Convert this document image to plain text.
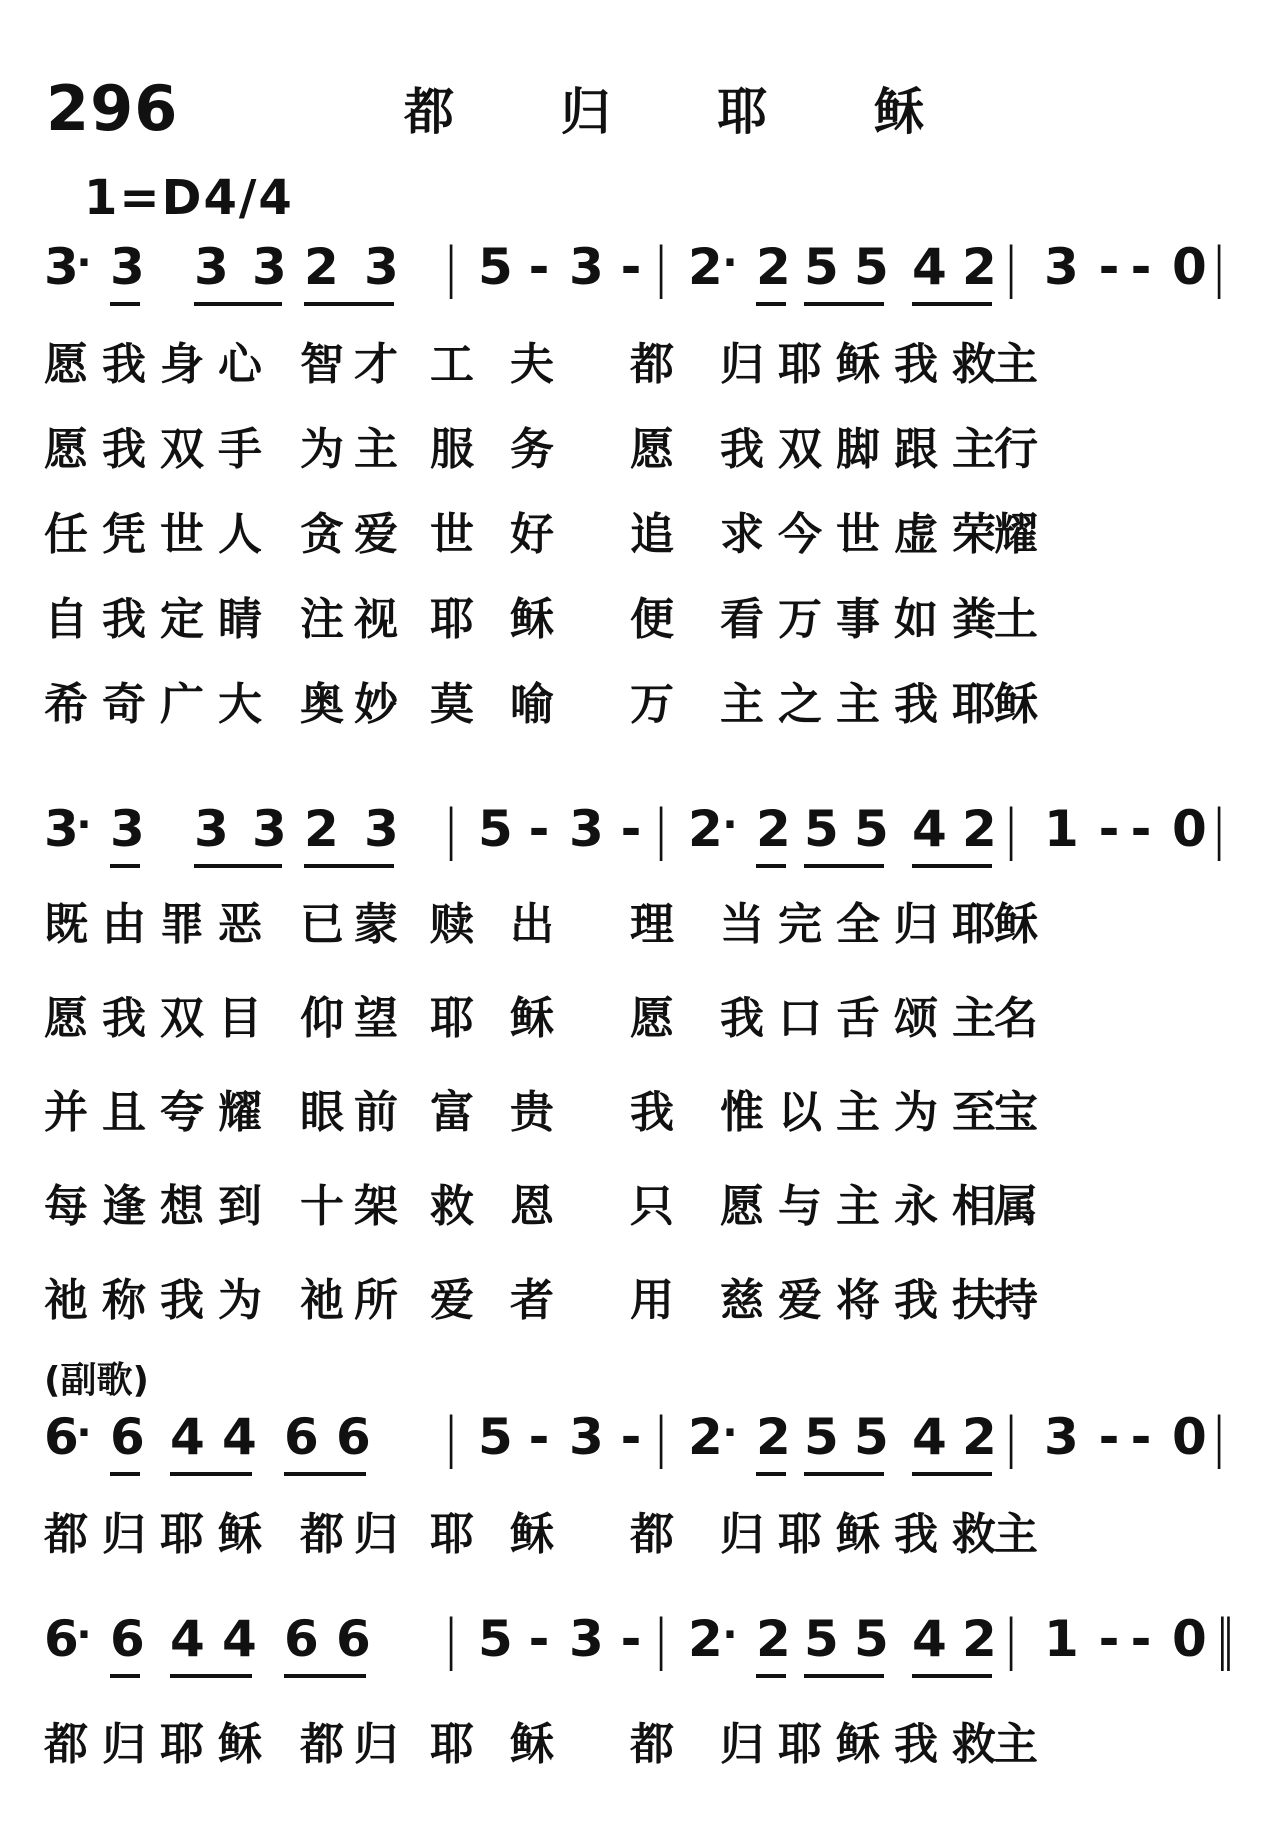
296	都 归 耶 稣
1=D4/4
3
· 3 3 3 2 3 | 5 - 3 - | 2 · 2 5 5 4 2 | 3 - - 0 |
愿我身心 智才 工 夫 都 归耶稣我救
主
愿我双手 为主 服 务 愿 我双脚跟主
行
任凭世人 贪爱 世 好 追 求今世虚荣
耀
自我定睛 注视 耶 稣 便 看万事如粪
土
希奇广大 奥妙 莫 喻 万 主之主我耶
稣
3
· 3 3 3 2 3 | 5 - 3 - | 2 · 2 5 5 4 2 | 1 - - 0 |
既由罪恶 已蒙 赎 出 理 当完全归耶
稣
愿我双目 仰望 耶 稣 愿 我口舌颂主
名
并且夸耀 眼前 富 贵 我 惟以主为至
宝
每逢想到 十架 救 恩 只 愿与主永相
属
祂称我为 祂所 爱 者 用 慈爱将我扶
持
(副歌)
6
· 6 4 4 6 6 | 5 - 3 - | 2 · 2 5 5 4 2 | 3 - - 0 |
都归耶稣 都归 耶 稣 都 归耶稣我救
主
6
· 6 4 4 6 6 | 5 - 3 - | 2 · 2 5 5 4 2 | 1 - - 0 ||
都归耶稣 都归 耶 稣 都 归耶稣我救
主
